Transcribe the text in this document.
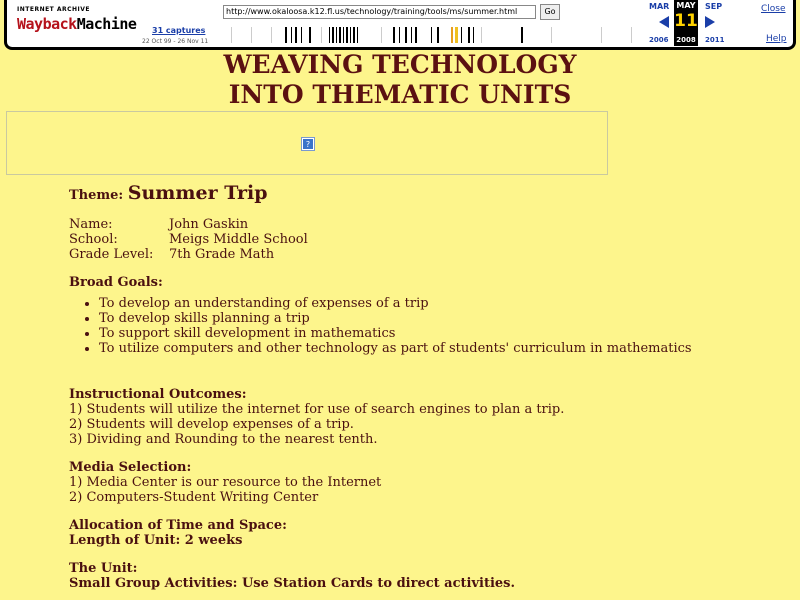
INTERNET ARCHIVE
WaybackMachine
http://www.okaloosa.k12.fl.us/technology/training/tools/ms/summer.html	Go
31 captures
22 Oct 99 - 26 Nov 11
MAR
2006
MAY
11
2008
SEP
2011
Close
Help
WEAVING TECHNOLOGY
INTO THEMATIC UNITS
?
Theme: Summer Trip
Name:	John Gaskin
School:	Meigs Middle School
Grade Level:	7th Grade Math
Broad Goals:
• To develop an understanding of expenses of a trip
• To develop skills planning a trip
• To support skill development in mathematics
• To utilize computers and other technology as part of students' curriculum in mathematics
Instructional Outcomes:

1) Students will utilize the internet for use of search engines to plan a trip.

2) Students will develop expenses of a trip.

3) Dividing and Rounding to the nearest tenth.

Media Selection:

1) Media Center is our resource to the Internet

2) Computers-Student Writing Center

Allocation of Time and Space:
Length of Unit: 2 weeks
The Unit:
Small Group Activities: Use Station Cards to direct activities.
